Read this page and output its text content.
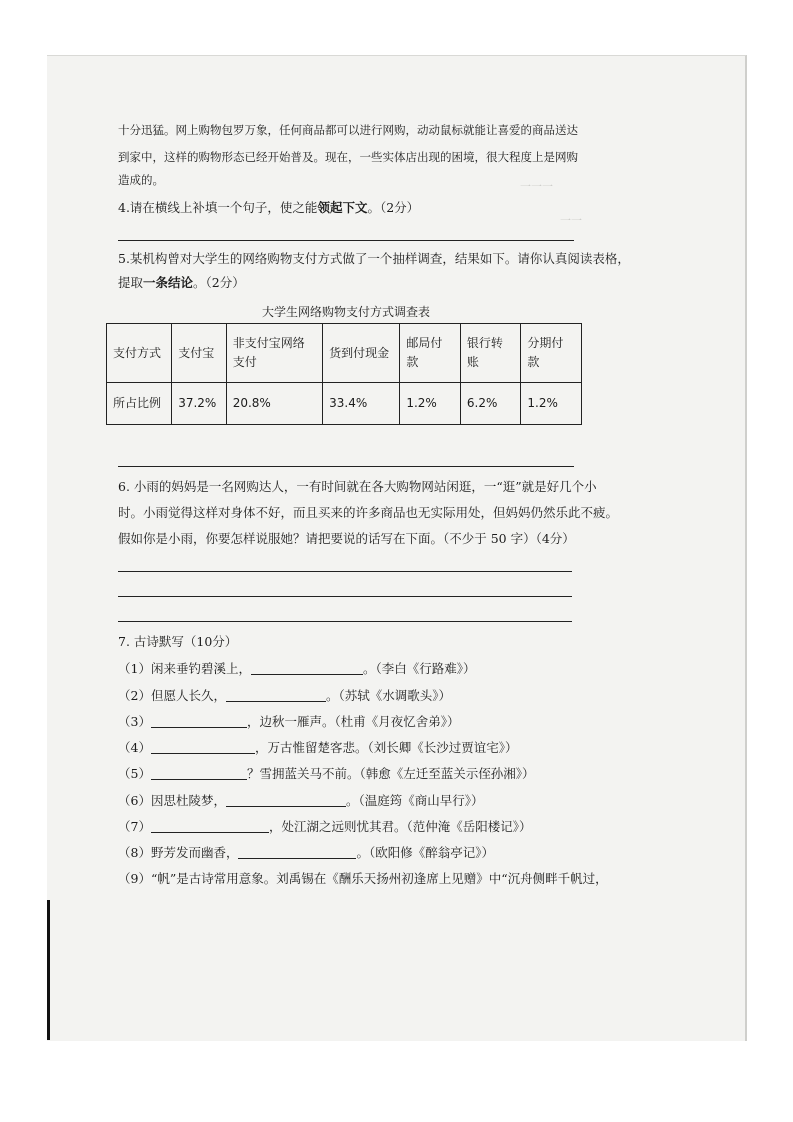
一一一
一一
十分迅猛。网上购物包罗万象，任何商品都可以进行网购，动动鼠标就能让喜爱的商品送达
到家中，这样的购物形态已经开始普及。现在，一些实体店出现的困境，很大程度上是网购
造成的。
4.请在横线上补填一个句子，使之能领起下文。（2分）
5.某机构曾对大学生的网络购物支付方式做了一个抽样调查，结果如下。请你认真阅读表格，
提取一条结论。（2分）
大学生网络购物支付方式调查表
支付方式	支付宝	非支付宝网络支付	货到付现金	邮局付款	银行转账	分期付款
所占比例	37.2%	20.8%	33.4%	1.2%	6.2%	1.2%
6. 小雨的妈妈是一名网购达人，一有时间就在各大购物网站闲逛，一“逛”就是好几个小
时。小雨觉得这样对身体不好，而且买来的许多商品也无实际用处，但妈妈仍然乐此不疲。
假如你是小雨，你要怎样说服她？请把要说的话写在下面。（不少于 50 字）（4分）
7. 古诗默写（10分）
（1）闲来垂钓碧溪上，	。（李白《行路难》）
（2）但愿人长久，	。（苏轼《水调歌头》）
（3）	，边秋一雁声。（杜甫《月夜忆舍弟》）
（4）	，万古惟留楚客悲。（刘长卿《长沙过贾谊宅》）
（5）	？雪拥蓝关马不前。（韩愈《左迁至蓝关示侄孙湘》）
（6）因思杜陵梦，	。（温庭筠《商山早行》）
（7）	，处江湖之远则忧其君。（范仲淹《岳阳楼记》）
（8）野芳发而幽香，	。（欧阳修《醉翁亭记》）
（9）“帆”是古诗常用意象。刘禹锡在《酬乐天扬州初逢席上见赠》中“沉舟侧畔千帆过，
